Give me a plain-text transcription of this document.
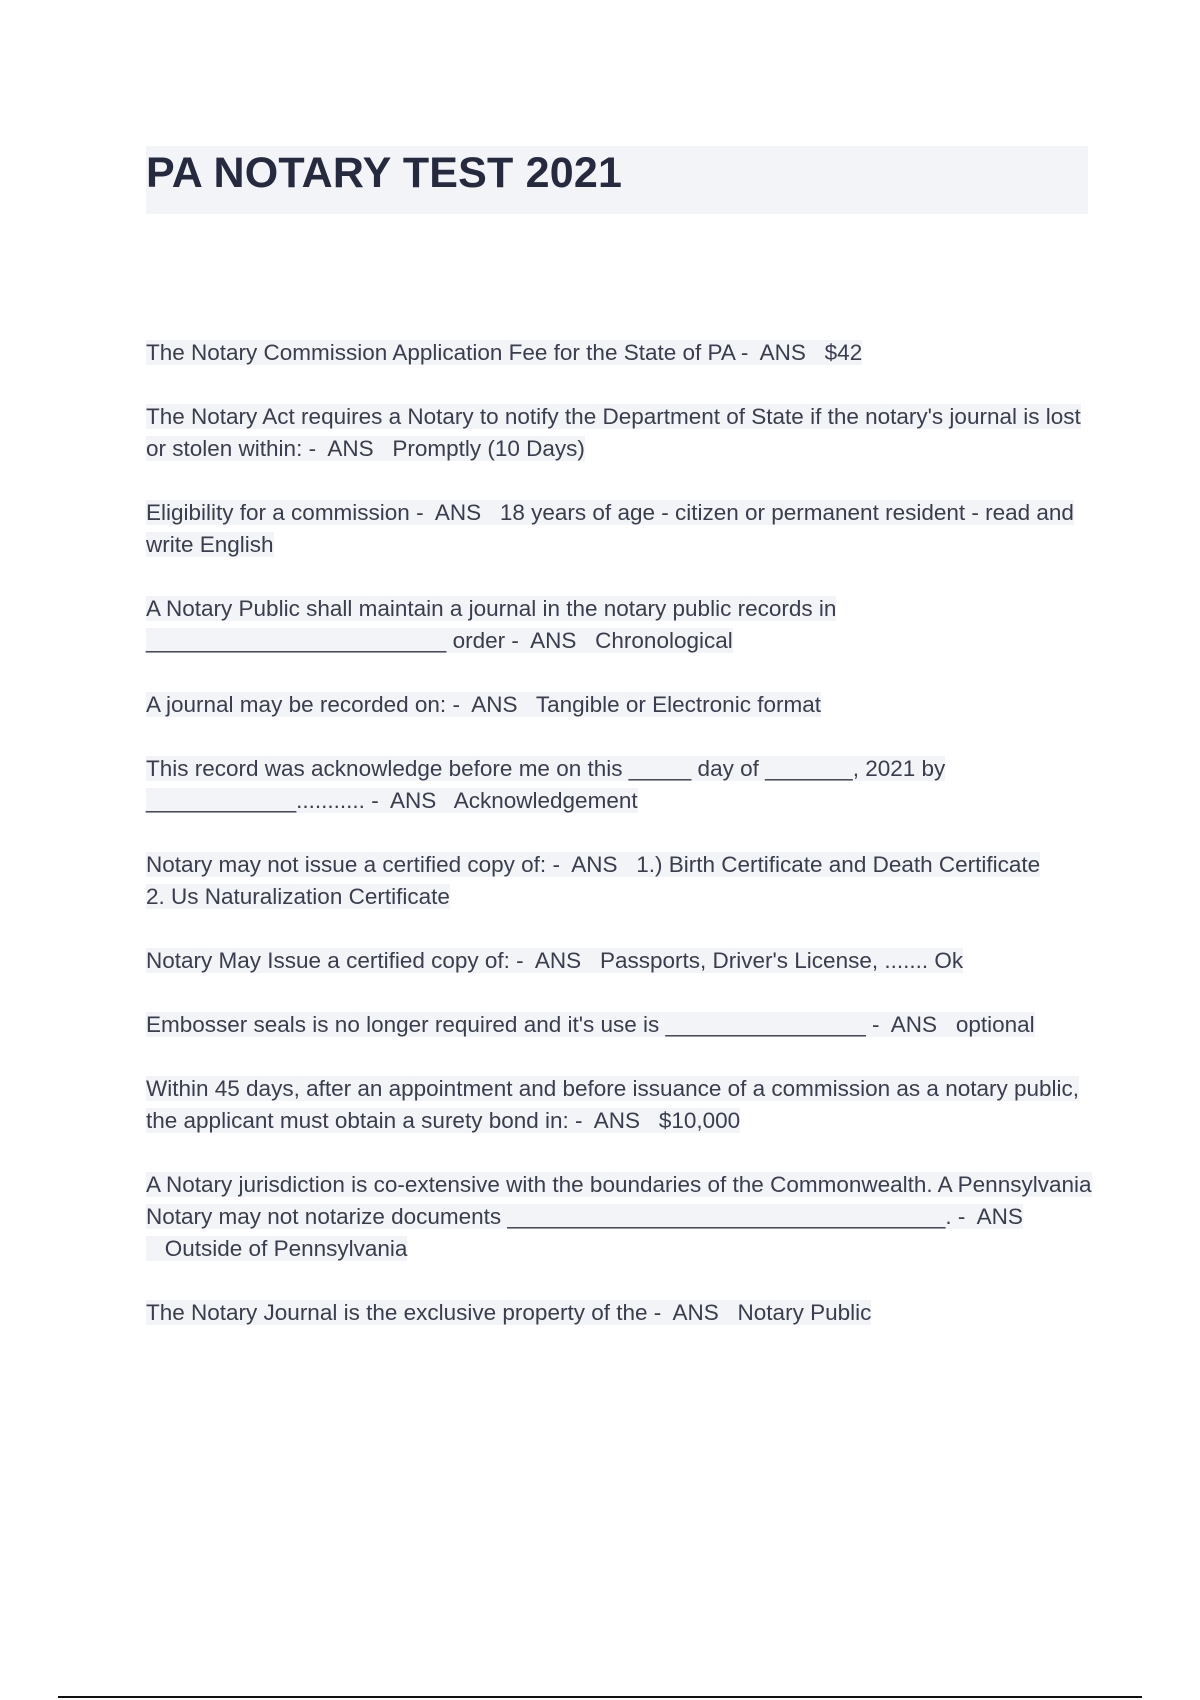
PA NOTARY TEST 2021

The Notary Commission Application Fee for the State of PA -  ANS $42

The Notary Act requires a Notary to notify the Department of State if the notary's journal is lost or stolen within: -  ANS Promptly (10 Days)

Eligibility for a commission -  ANS 18 years of age - citizen or permanent resident - read and write English

A Notary Public shall maintain a journal in the notary public records in ________________________ order -  ANS Chronological

A journal may be recorded on: -  ANS Tangible or Electronic format

This record was acknowledge before me on this _____ day of _______, 2021 by ____________........... -  ANS Acknowledgement

Notary may not issue a certified copy of: -  ANS 1.) Birth Certificate and Death Certificate
2. Us Naturalization Certificate

Notary May Issue a certified copy of: -  ANS Passports, Driver's License, ....... Ok

Embosser seals is no longer required and it's use is ________________ -  ANS optional

Within 45 days, after an appointment and before issuance of a commission as a notary public, the applicant must obtain a surety bond in: -  ANS $10,000

A Notary jurisdiction is co-extensive with the boundaries of the Commonwealth. A Pennsylvania Notary may not notarize documents ___________________________________. -  ANS   Outside of Pennsylvania

The Notary Journal is the exclusive property of the -  ANS Notary Public
